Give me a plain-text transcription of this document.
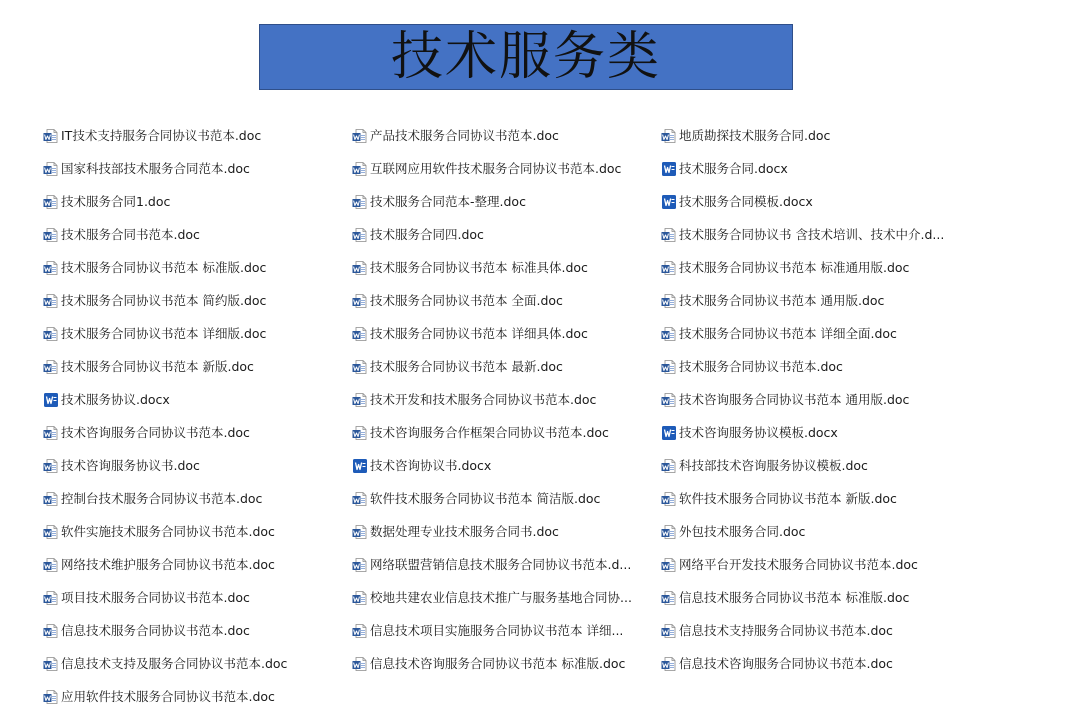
技术服务类
IT技术支持服务合同协议书范本.doc
国家科技部技术服务合同范本.doc
技术服务合同1.doc
技术服务合同书范本.doc
技术服务合同协议书范本 标准版.doc
技术服务合同协议书范本 简约版.doc
技术服务合同协议书范本 详细版.doc
技术服务合同协议书范本 新版.doc
技术服务协议.docx
技术咨询服务合同协议书范本.doc
技术咨询服务协议书.doc
控制台技术服务合同协议书范本.doc
软件实施技术服务合同协议书范本.doc
网络技术维护服务合同协议书范本.doc
项目技术服务合同协议书范本.doc
信息技术服务合同协议书范本.doc
信息技术支持及服务合同协议书范本.doc
应用软件技术服务合同协议书范本.doc
产品技术服务合同协议书范本.doc
互联网应用软件技术服务合同协议书范本.doc
技术服务合同范本-整理.doc
技术服务合同四.doc
技术服务合同协议书范本 标准具体.doc
技术服务合同协议书范本 全面.doc
技术服务合同协议书范本 详细具体.doc
技术服务合同协议书范本 最新.doc
技术开发和技术服务合同协议书范本.doc
技术咨询服务合作框架合同协议书范本.doc
技术咨询协议书.docx
软件技术服务合同协议书范本 简洁版.doc
数据处理专业技术服务合同书.doc
网络联盟营销信息技术服务合同协议书范本.d...
校地共建农业信息技术推广与服务基地合同协...
信息技术项目实施服务合同协议书范本 详细...
信息技术咨询服务合同协议书范本 标准版.doc
地质勘探技术服务合同.doc
技术服务合同.docx
技术服务合同模板.docx
技术服务合同协议书 含技术培训、技术中介.d...
技术服务合同协议书范本 标准通用版.doc
技术服务合同协议书范本 通用版.doc
技术服务合同协议书范本 详细全面.doc
技术服务合同协议书范本.doc
技术咨询服务合同协议书范本 通用版.doc
技术咨询服务协议模板.docx
科技部技术咨询服务协议模板.doc
软件技术服务合同协议书范本 新版.doc
外包技术服务合同.doc
网络平台开发技术服务合同协议书范本.doc
信息技术服务合同协议书范本 标准版.doc
信息技术支持服务合同协议书范本.doc
信息技术咨询服务合同协议书范本.doc
